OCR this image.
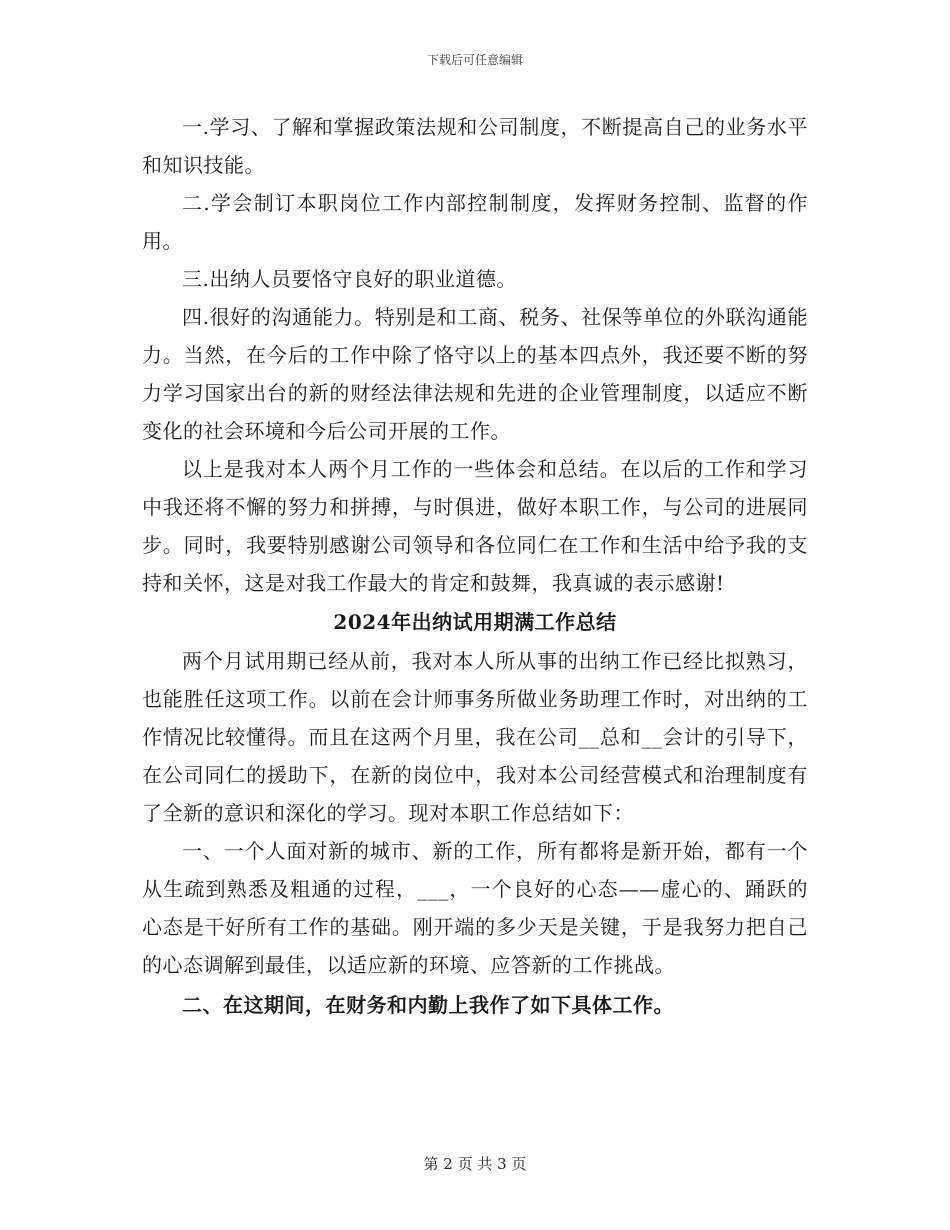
下载后可任意编辑

一.学习、了解和掌握政策法规和公司制度，不断提高自己的业务水平和知识技能。

二.学会制订本职岗位工作内部控制制度，发挥财务控制、监督的作用。

三.出纳人员要恪守良好的职业道德。

四.很好的沟通能力。特别是和工商、税务、社保等单位的外联沟通能力。当然，在今后的工作中除了恪守以上的基本四点外，我还要不断的努力学习国家出台的新的财经法律法规和先进的企业管理制度，以适应不断变化的社会环境和今后公司开展的工作。

以上是我对本人两个月工作的一些体会和总结。在以后的工作和学习中我还将不懈的努力和拼搏，与时俱进，做好本职工作，与公司的进展同步。同时，我要特别感谢公司领导和各位同仁在工作和生活中给予我的支持和关怀，这是对我工作最大的肯定和鼓舞，我真诚的表示感谢!

2024年出纳试用期满工作总结

两个月试用期已经从前，我对本人所从事的出纳工作已经比拟熟习，也能胜任这项工作。以前在会计师事务所做业务助理工作时，对出纳的工作情况比较懂得。而且在这两个月里，我在公司__总和__会计的引导下，在公司同仁的援助下，在新的岗位中，我对本公司经营模式和治理制度有了全新的意识和深化的学习。现对本职工作总结如下：

一、一个人面对新的城市、新的工作，所有都将是新开始，都有一个从生疏到熟悉及粗通的过程，___，一个良好的心态——虚心的、踊跃的心态是干好所有工作的基础。刚开端的多少天是关键，于是我努力把自己的心态调解到最佳，以适应新的环境、应答新的工作挑战。

二、在这期间，在财务和内勤上我作了如下具体工作。

第 2 页 共 3 页
